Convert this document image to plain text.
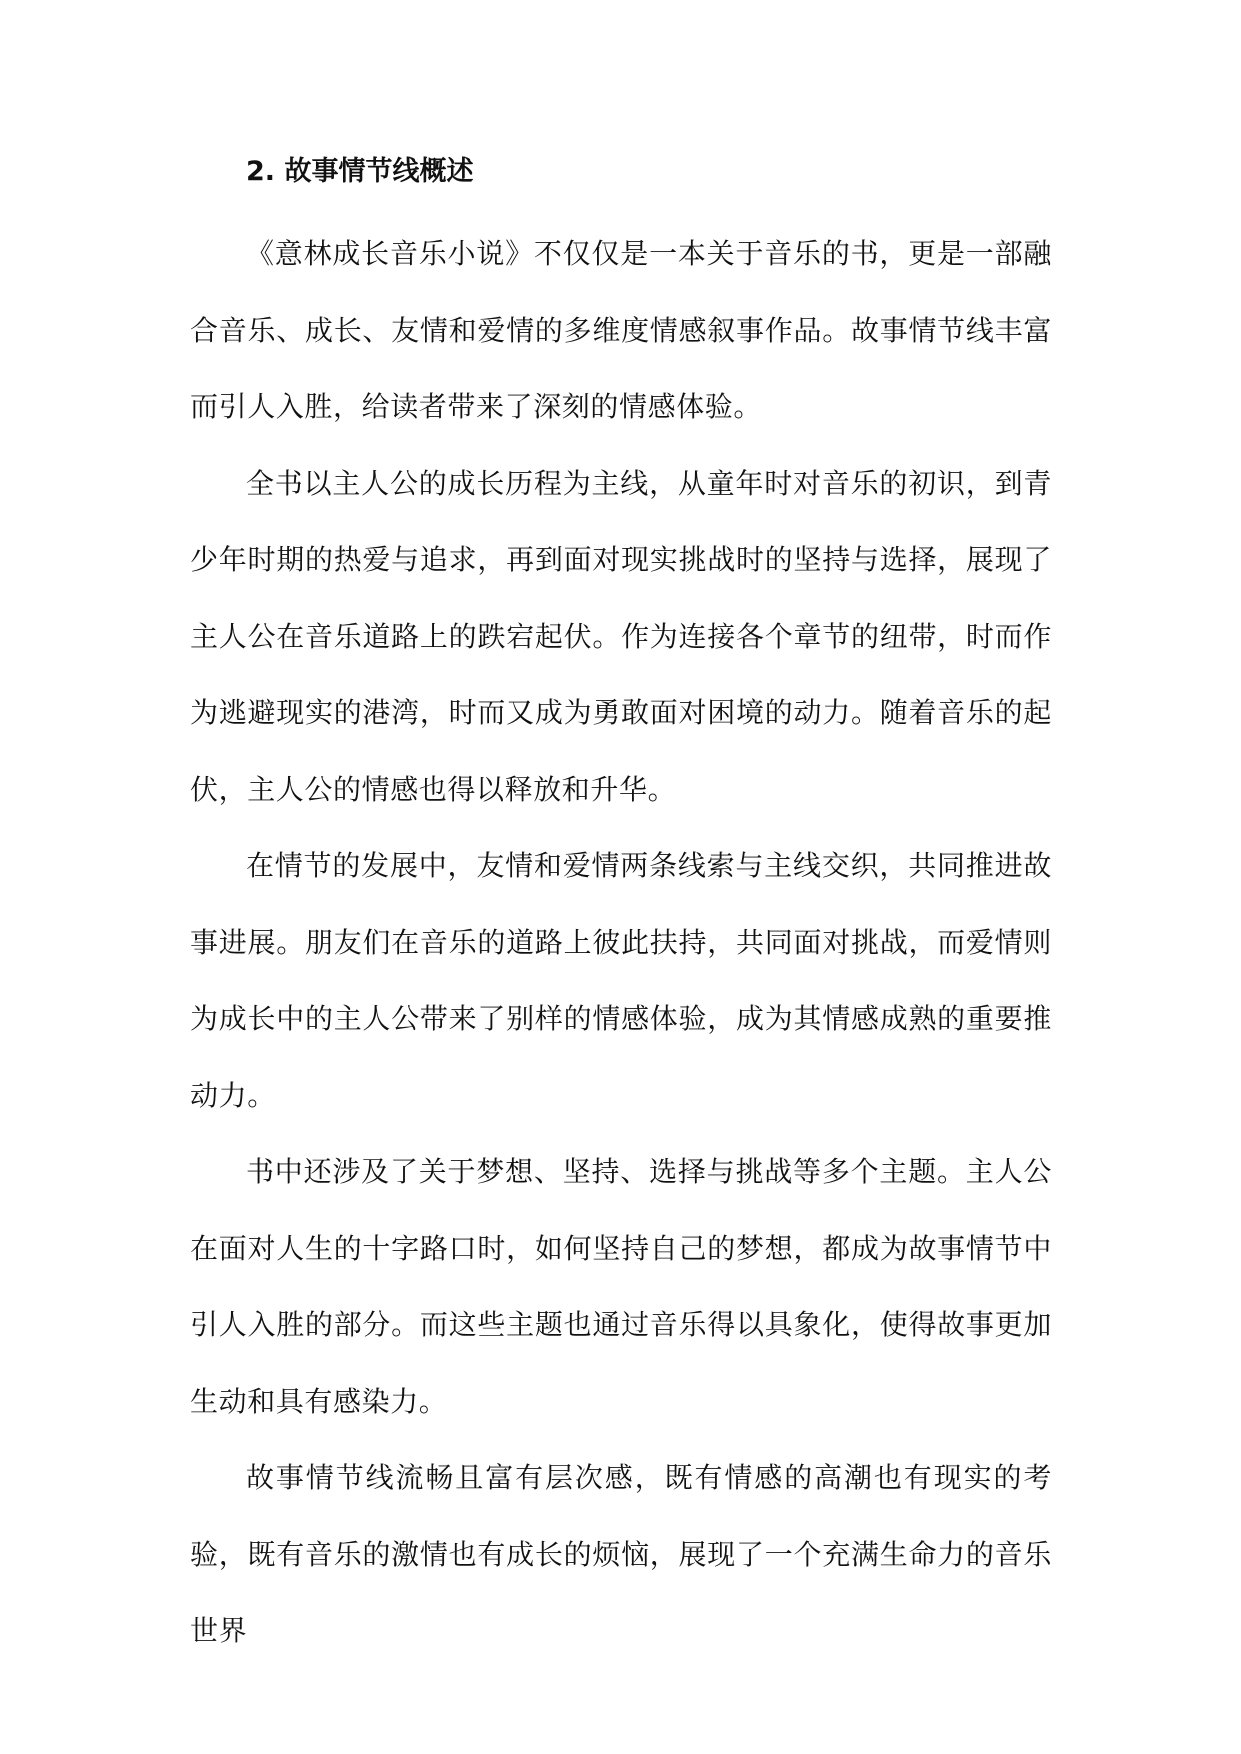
2. 故事情节线概述

《意林成长音乐小说》不仅仅是一本关于音乐的书，更是一部融合音乐、成长、友情和爱情的多维度情感叙事作品。故事情节线丰富而引人入胜，给读者带来了深刻的情感体验。

全书以主人公的成长历程为主线，从童年时对音乐的初识，到青少年时期的热爱与追求，再到面对现实挑战时的坚持与选择，展现了主人公在音乐道路上的跌宕起伏。作为连接各个章节的纽带，时而作为逃避现实的港湾，时而又成为勇敢面对困境的动力。随着音乐的起伏，主人公的情感也得以释放和升华。

在情节的发展中，友情和爱情两条线索与主线交织，共同推进故事进展。朋友们在音乐的道路上彼此扶持，共同面对挑战，而爱情则为成长中的主人公带来了别样的情感体验，成为其情感成熟的重要推动力。

书中还涉及了关于梦想、坚持、选择与挑战等多个主题。主人公在面对人生的十字路口时，如何坚持自己的梦想，都成为故事情节中引人入胜的部分。而这些主题也通过音乐得以具象化，使得故事更加生动和具有感染力。

故事情节线流畅且富有层次感，既有情感的高潮也有现实的考验，既有音乐的激情也有成长的烦恼，展现了一个充满生命力的音乐世界
